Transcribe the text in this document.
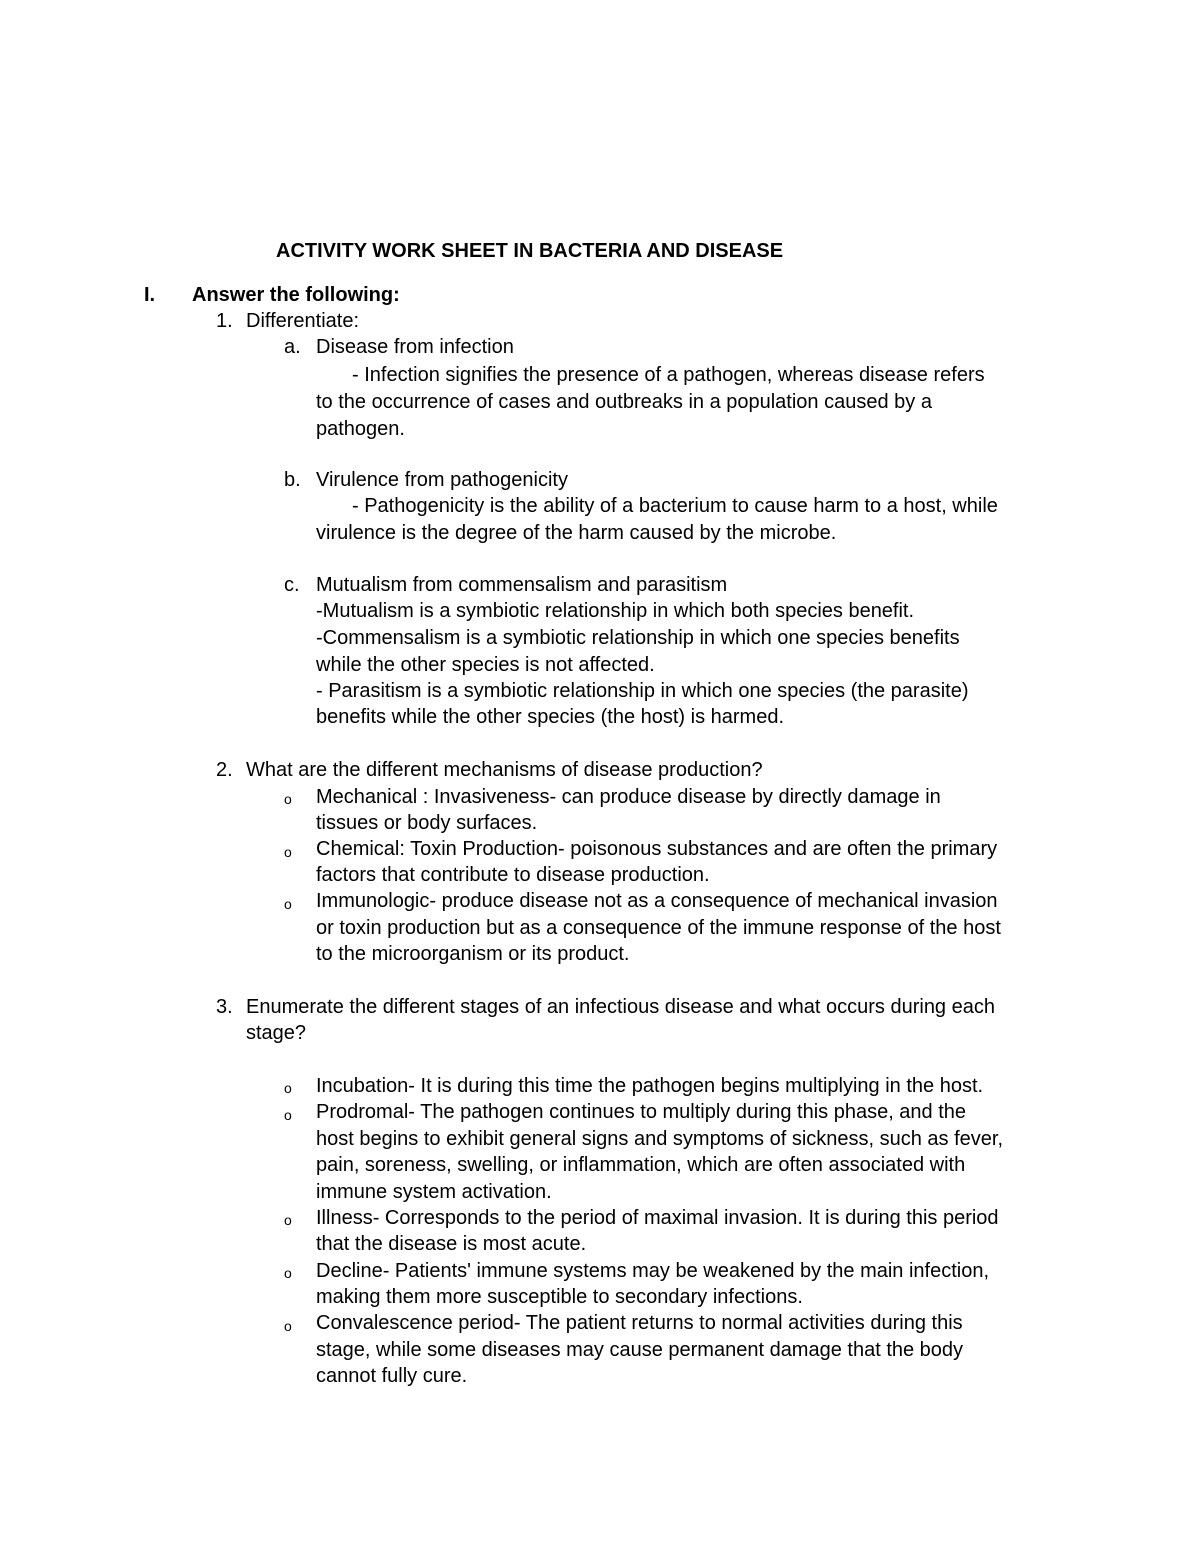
ACTIVITY WORK SHEET IN BACTERIA AND DISEASE
I. Answer the following:
1. Differentiate:
a. Disease from infection
- Infection signifies the presence of a pathogen, whereas disease refers
to the occurrence of cases and outbreaks in a population caused by a
pathogen.
b. Virulence from pathogenicity
- Pathogenicity is the ability of a bacterium to cause harm to a host, while
virulence is the degree of the harm caused by the microbe.
c. Mutualism from commensalism and parasitism
-Mutualism is a symbiotic relationship in which both species benefit.
-Commensalism is a symbiotic relationship in which one species benefits
while the other species is not affected.
- Parasitism is a symbiotic relationship in which one species (the parasite)
benefits while the other species (the host) is harmed.
2. What are the different mechanisms of disease production?
o Mechanical : Invasiveness- can produce disease by directly damage in
tissues or body surfaces.
o Chemical: Toxin Production- poisonous substances and are often the primary
factors that contribute to disease production.
o Immunologic- produce disease not as a consequence of mechanical invasion
or toxin production but as a consequence of the immune response of the host
to the microorganism or its product.
3. Enumerate the different stages of an infectious disease and what occurs during each
stage?
o Incubation- It is during this time the pathogen begins multiplying in the host.
o Prodromal- The pathogen continues to multiply during this phase, and the
host begins to exhibit general signs and symptoms of sickness, such as fever,
pain, soreness, swelling, or inflammation, which are often associated with
immune system activation.
o Illness- Corresponds to the period of maximal invasion. It is during this period
that the disease is most acute.
o Decline- Patients' immune systems may be weakened by the main infection,
making them more susceptible to secondary infections.
o Convalescence period- The patient returns to normal activities during this
stage, while some diseases may cause permanent damage that the body
cannot fully cure.
